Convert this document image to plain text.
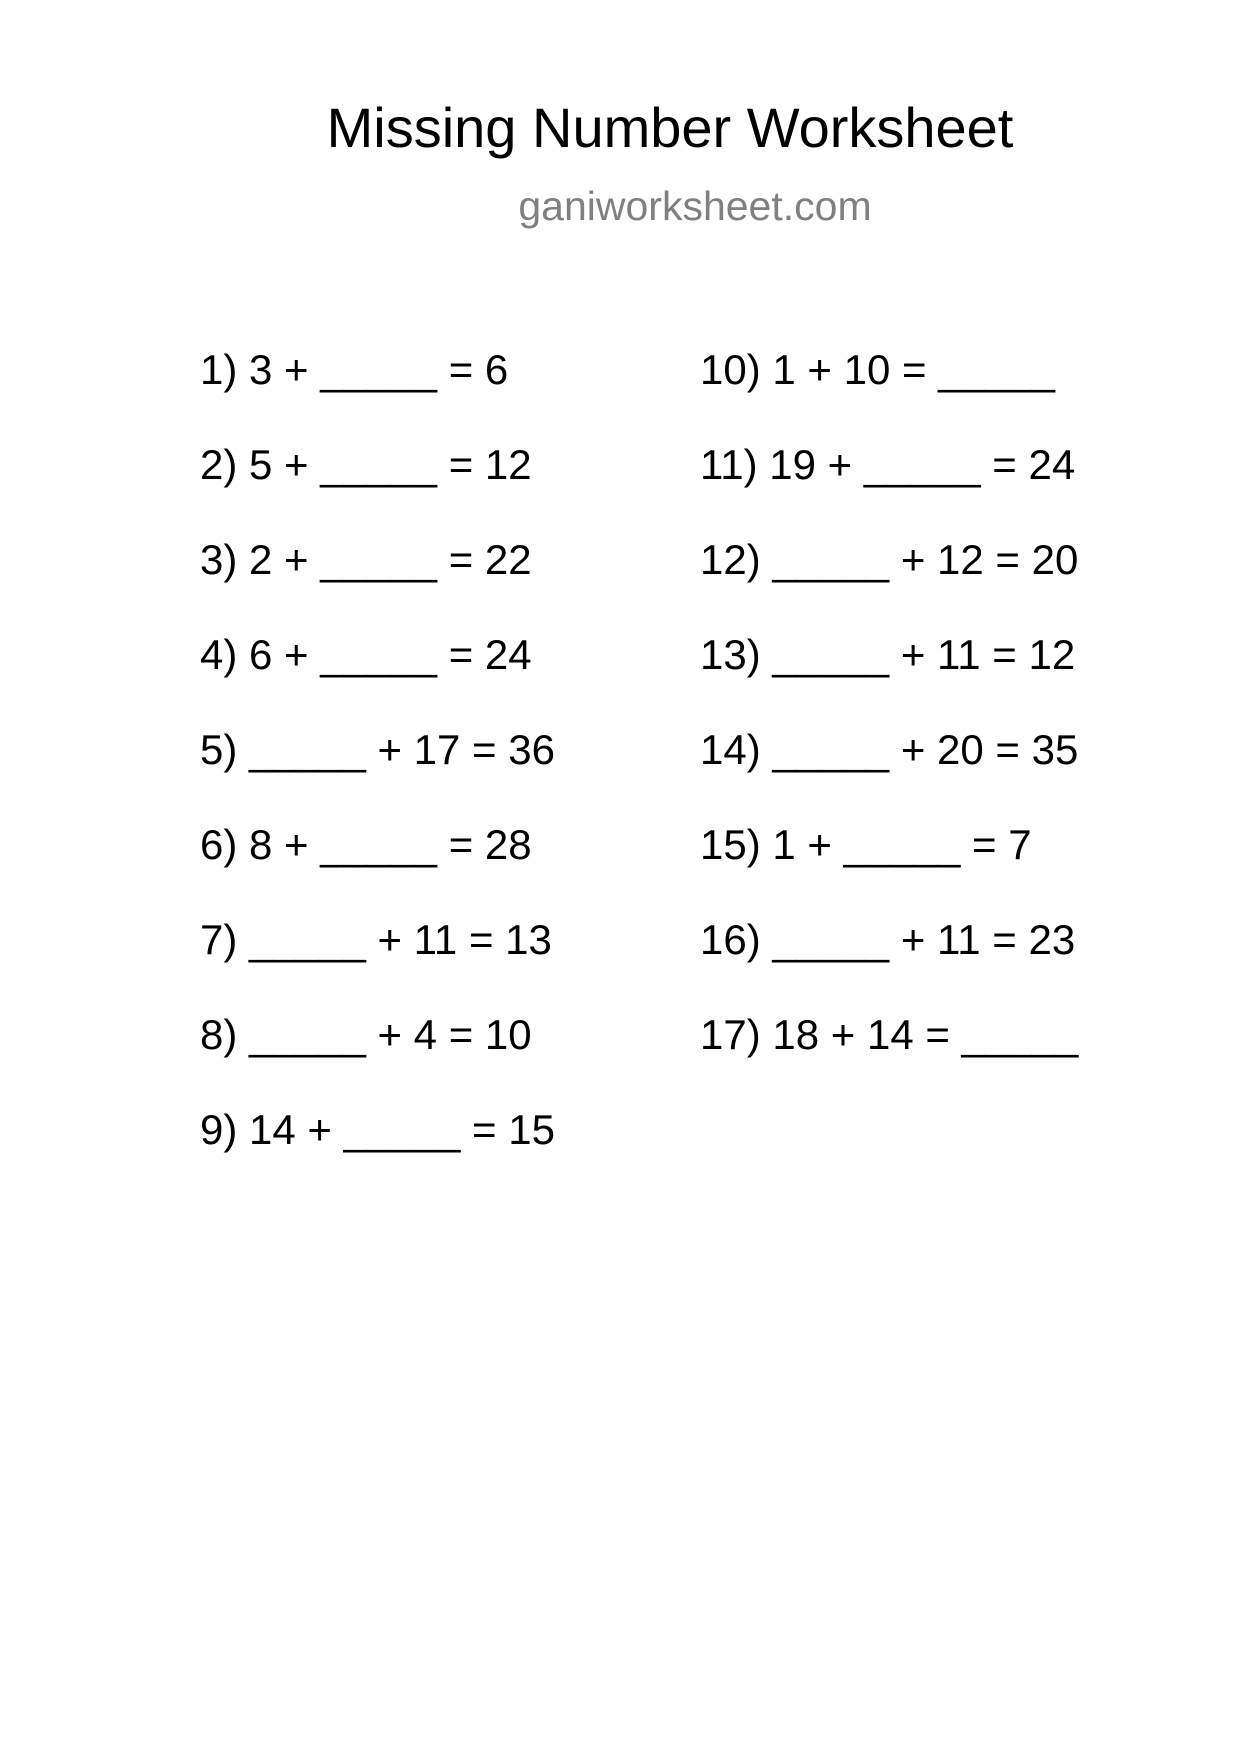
Missing Number Worksheet
ganiworksheet.com
1) 3 + _____ = 6
2) 5 + _____ = 12
3) 2 + _____ = 22
4) 6 + _____ = 24
5) _____ + 17 = 36
6) 8 + _____ = 28
7) _____ + 11 = 13
8) _____ + 4 = 10
9) 14 + _____ = 15
10) 1 + 10 = _____
11) 19 + _____ = 24
12) _____ + 12 = 20
13) _____ + 11 = 12
14) _____ + 20 = 35
15) 1 + _____ = 7
16) _____ + 11 = 23
17) 18 + 14 = _____
